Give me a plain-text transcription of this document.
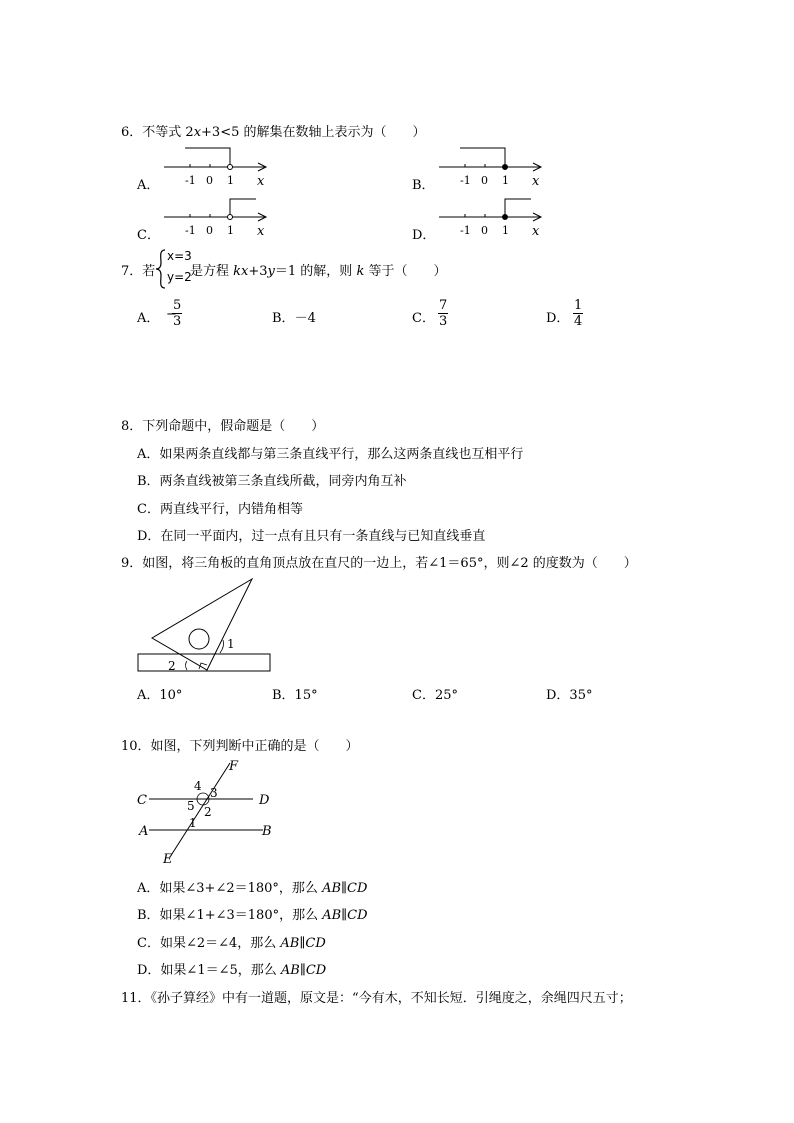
6．不等式 2x+3<5 的解集在数轴上表示为（　　）
A．	B．
C．	D．
-1 0 1 x	-1 0 1 x
-1 0 1 x	-1 0 1 x
7．若
x=3
y=2
是方程 kx+3y＝1 的解，则 k 等于（　　）
A． −
$\frac{5}{3}$	B．－4	C． $\frac{7}{3}$	D． $\frac{1}{4}$
8．下列命题中，假命题是（　　）
A．如果两条直线都与第三条直线平行，那么这两条直线也互相平行
B．两条直线被第三条直线所截，同旁内角互补
C．两直线平行，内错角相等
D．在同一平面内，过一点有且只有一条直线与已知直线垂直
9．如图，将三角板的直角顶点放在直尺的一边上，若∠1＝65°，则∠2 的度数为（　　）
1
2
A．10°	B．15°	C．25°	D．35°
10．如图，下列判断中正确的是（　　）
C	D
A	B
F
E
4 3
5 2
1
A．如果∠3+∠2＝180°，那么 AB∥CD
B．如果∠1+∠3＝180°，那么 AB∥CD
C．如果∠2＝∠4，那么 AB∥CD
D．如果∠1＝∠5，那么 AB∥CD
11．《孙子算经》中有一道题，原文是：“今有木，不知长短．引绳度之，余绳四尺五寸；
